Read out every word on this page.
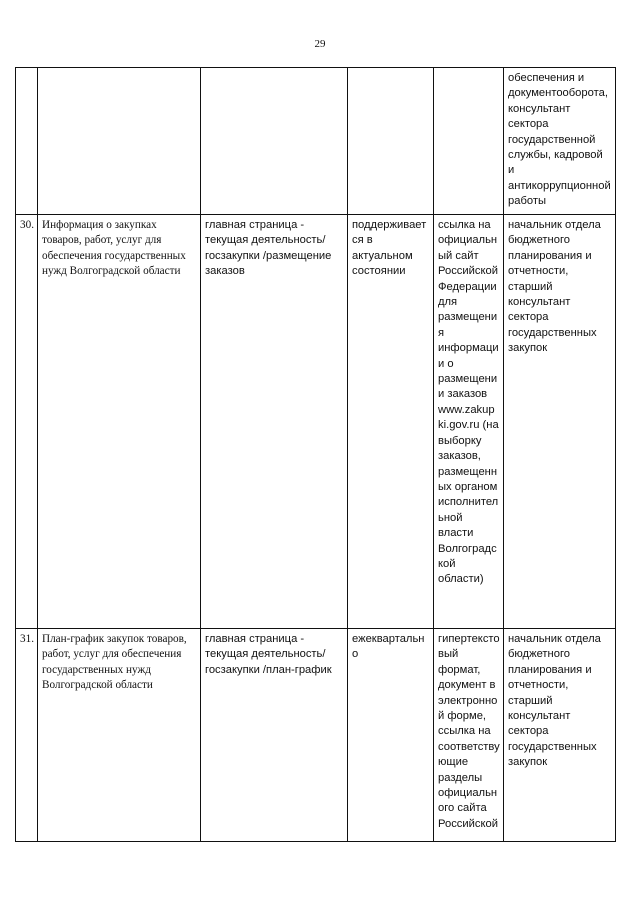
29
					обеспечения и документооборота, консультант сектора государственной службы, кадровой и антикоррупционной работы
30.	Информация о закупках товаров, работ, услуг для обеспечения государственных нужд Волгоградской области	главная страница - текущая деятельность/госзакупки /размещение заказов	поддерживается в актуальном состоянии	ссылка на официальный сайт Российской Федерации для размещения информации о размещении заказов www.zakupki.gov.ru (на выборку заказов, размещенных органом исполнительной власти Волгоградской области)	начальник отдела бюджетного планирования и отчетности, старший консультант сектора государственных закупок
31.	План-график закупок товаров, работ, услуг для обеспечения государственных нужд Волгоградской области	главная страница - текущая деятельность/госзакупки /план-график	ежеквартально	гипертекстовый формат, документ в электронной форме, ссылка на соответствующие разделы официального сайта Российской	начальник отдела бюджетного планирования и отчетности, старший консультант сектора государственных закупок
